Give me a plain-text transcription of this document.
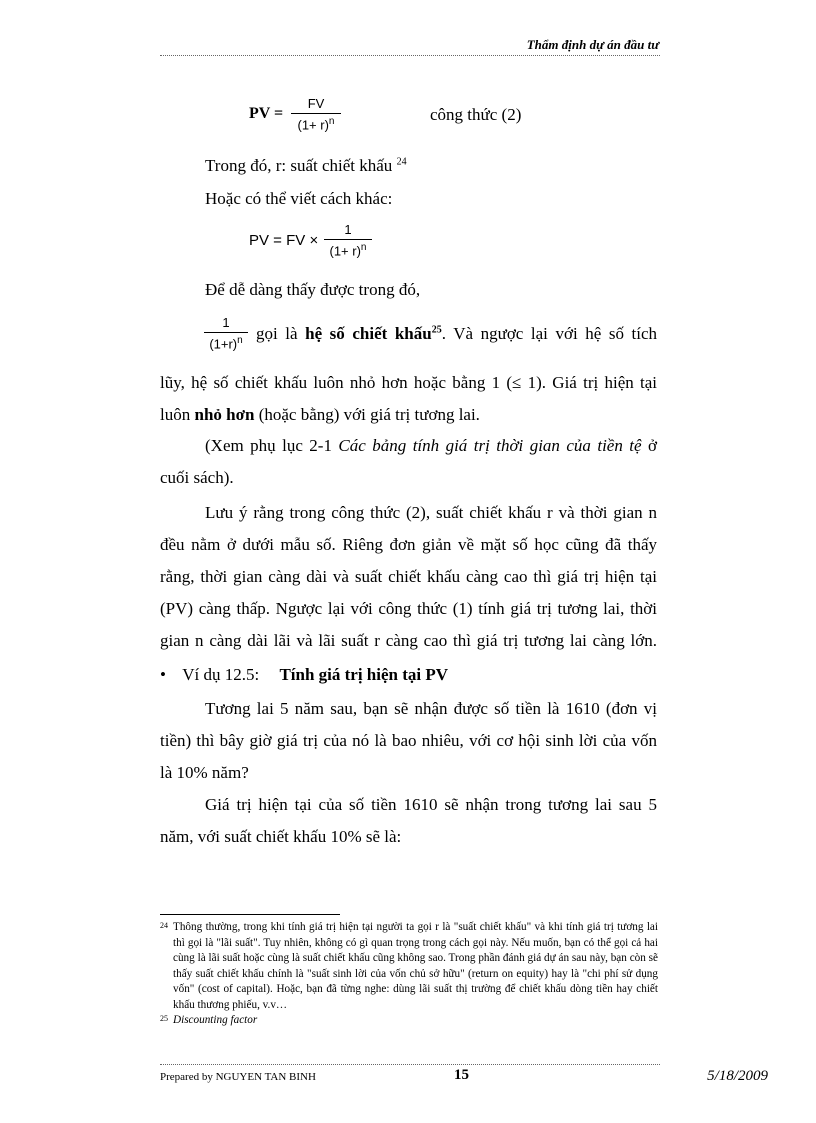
Thẩm định dự án đầu tư
PV =
FV
$(1+ r)^n$	công thức (2)
Trong đó, r: suất chiết khấu $^{24}$
Hoặc có thể viết cách khác:
PV = FV ×
1
$(1+ r)^n$
Để dễ dàng thấy được trong đó,
1
$(1+r)^n$ gọi là hệ số chiết khấu$^{25}$. Và ngược lại với hệ số tích
lũy, hệ số chiết khấu luôn nhỏ hơn hoặc bằng 1 (≤ 1). Giá trị hiện tại
luôn nhỏ hơn (hoặc bằng) với giá trị tương lai.
(Xem phụ lục 2-1 Các bảng tính giá trị thời gian của tiền tệ ở
cuối sách).
Lưu ý rằng trong công thức (2), suất chiết khấu r và thời gian n
đều nằm ở dưới mẫu số. Riêng đơn giản về mặt số học cũng đã thấy
rằng, thời gian càng dài và suất chiết khấu càng cao thì giá trị hiện tại
(PV) càng thấp. Ngược lại với công thức (1) tính giá trị tương lai, thời
gian n càng dài lãi và lãi suất r càng cao thì giá trị tương lai càng lớn.
• Ví dụ 12.5: Tính giá trị hiện tại PV
Tương lai 5 năm sau, bạn sẽ nhận được số tiền là 1610 (đơn vị
tiền) thì bây giờ giá trị của nó là bao nhiêu, với cơ hội sinh lời của vốn
là 10% năm?
Giá trị hiện tại của số tiền 1610 sẽ nhận trong tương lai sau 5
năm, với suất chiết khấu 10% sẽ là:
24 Thông thường, trong khi tính giá trị hiện tại người ta gọi r là "suất chiết khấu" và khi tính giá trị tương lai thì gọi là "lãi suất". Tuy nhiên, không có gì quan trọng trong cách gọi này. Nếu muốn, bạn có thể gọi cả hai cùng là lãi suất hoặc cùng là suất chiết khấu cũng không sao. Trong phần đánh giá dự án sau này, bạn còn sẽ thấy suất chiết khấu chính là "suất sinh lời của vốn chủ sở hữu" (return on equity) hay là "chi phí sử dụng vốn" (cost of capital). Hoặc, bạn đã từng nghe: dùng lãi suất thị trường để chiết khấu dòng tiền hay chiết khấu thương phiếu, v.v…
25 Discounting factor
Prepared by NGUYEN TAN BINH	15	5/18/2009
